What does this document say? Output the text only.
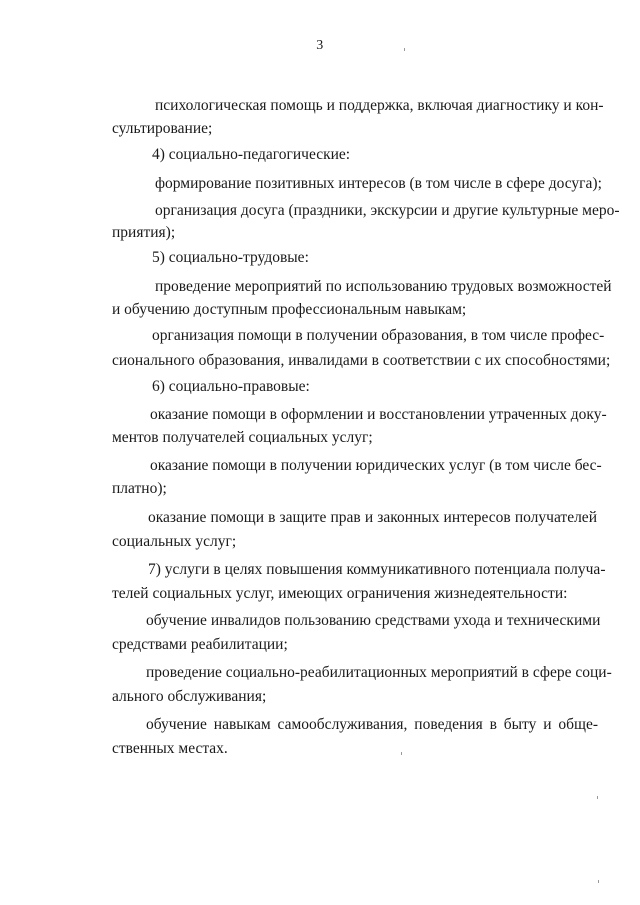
3
психологическая помощь и поддержка, включая диагностику и кон-
сультирование;
4) социально-педагогические:
формирование позитивных интересов (в том числе в сфере досуга);
организация досуга (праздники, экскурсии и другие культурные меро-
приятия);
5) социально-трудовые:
проведение мероприятий по использованию трудовых возможностей
и обучению доступным профессиональным навыкам;
организация помощи в получении образования, в том числе профес-
сионального образования, инвалидами в соответствии с их способностями;
6) социально-правовые:
оказание помощи в оформлении и восстановлении утраченных доку-
ментов получателей социальных услуг;
оказание помощи в получении юридических услуг (в том числе бес-
платно);
оказание помощи в защите прав и законных интересов получателей
социальных услуг;
7) услуги в целях повышения коммуникативного потенциала получа-
телей социальных услуг, имеющих ограничения жизнедеятельности:
обучение инвалидов пользованию средствами ухода и техническими
средствами реабилитации;
проведение социально-реабилитационных мероприятий в сфере соци-
ального обслуживания;
обучение навыкам самообслуживания, поведения в быту и обще-
ственных местах.
